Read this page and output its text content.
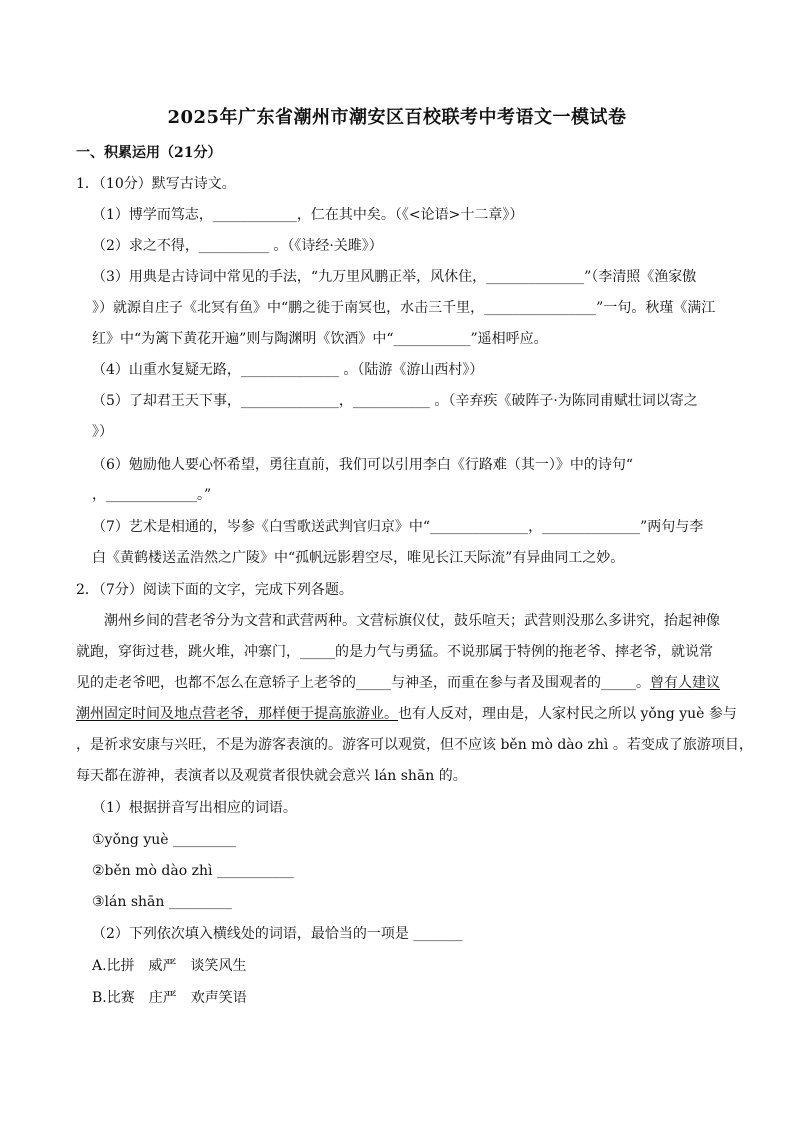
2025年广东省潮州市潮安区百校联考中考语文一模试卷
一、积累运用（21分）
1．（10分）默写古诗文。
（1）博学而笃志，____________，仁在其中矣。（《<论语>十二章》）
（2）求之不得，__________ 。（《诗经·关雎》）
（3）用典是古诗词中常见的手法，“九万里风鹏正举，风休住，______________”（李清照《渔家傲
》）就源自庄子《北冥有鱼》中“鹏之徙于南冥也，水击三千里，________________”一句。秋瑾《满江
红》中“为篱下黄花开遍”则与陶渊明《饮酒》中“___________”遥相呼应。
（4）山重水复疑无路，______________ 。（陆游《游山西村》）
（5）了却君王天下事，______________，___________ 。（辛弃疾《破阵子·为陈同甫赋壮词以寄之
》）
（6）勉励他人要心怀希望，勇往直前，我们可以引用李白《行路难（其一）》中的诗句“
，_____________。”
（7）艺术是相通的，岑参《白雪歌送武判官归京》中“______________，______________”两句与李
白《黄鹤楼送孟浩然之广陵》中“孤帆远影碧空尽，唯见长江天际流”有异曲同工之妙。
2．（7分）阅读下面的文字，完成下列各题。
潮州乡间的营老爷分为文营和武营两种。文营标旗仪仗，鼓乐喧天；武营则没那么多讲究，抬起神像
就跑，穿街过巷，跳火堆，冲寨门，_____的是力气与勇猛。不说那属于特例的拖老爷、摔老爷，就说常
见的走老爷吧，也都不怎么在意轿子上老爷的_____与神圣，而重在参与者及围观者的_____。曾有人建议
潮州固定时间及地点营老爷，那样便于提高旅游业。也有人反对，理由是，人家村民之所以 yǒng yuè 参与
，是祈求安康与兴旺，不是为游客表演的。游客可以观赏，但不应该 běn mò dào zhì 。若变成了旅游项目，
每天都在游神，表演者以及观赏者很快就会意兴 lán shān 的。
（1）根据拼音写出相应的词语。
①yǒng yuè _________
②běn mò dào zhì ___________
③lán shān _________
（2）下列依次填入横线处的词语，最恰当的一项是 _______
A.比拼　威严　谈笑风生
B.比赛　庄严　欢声笑语
